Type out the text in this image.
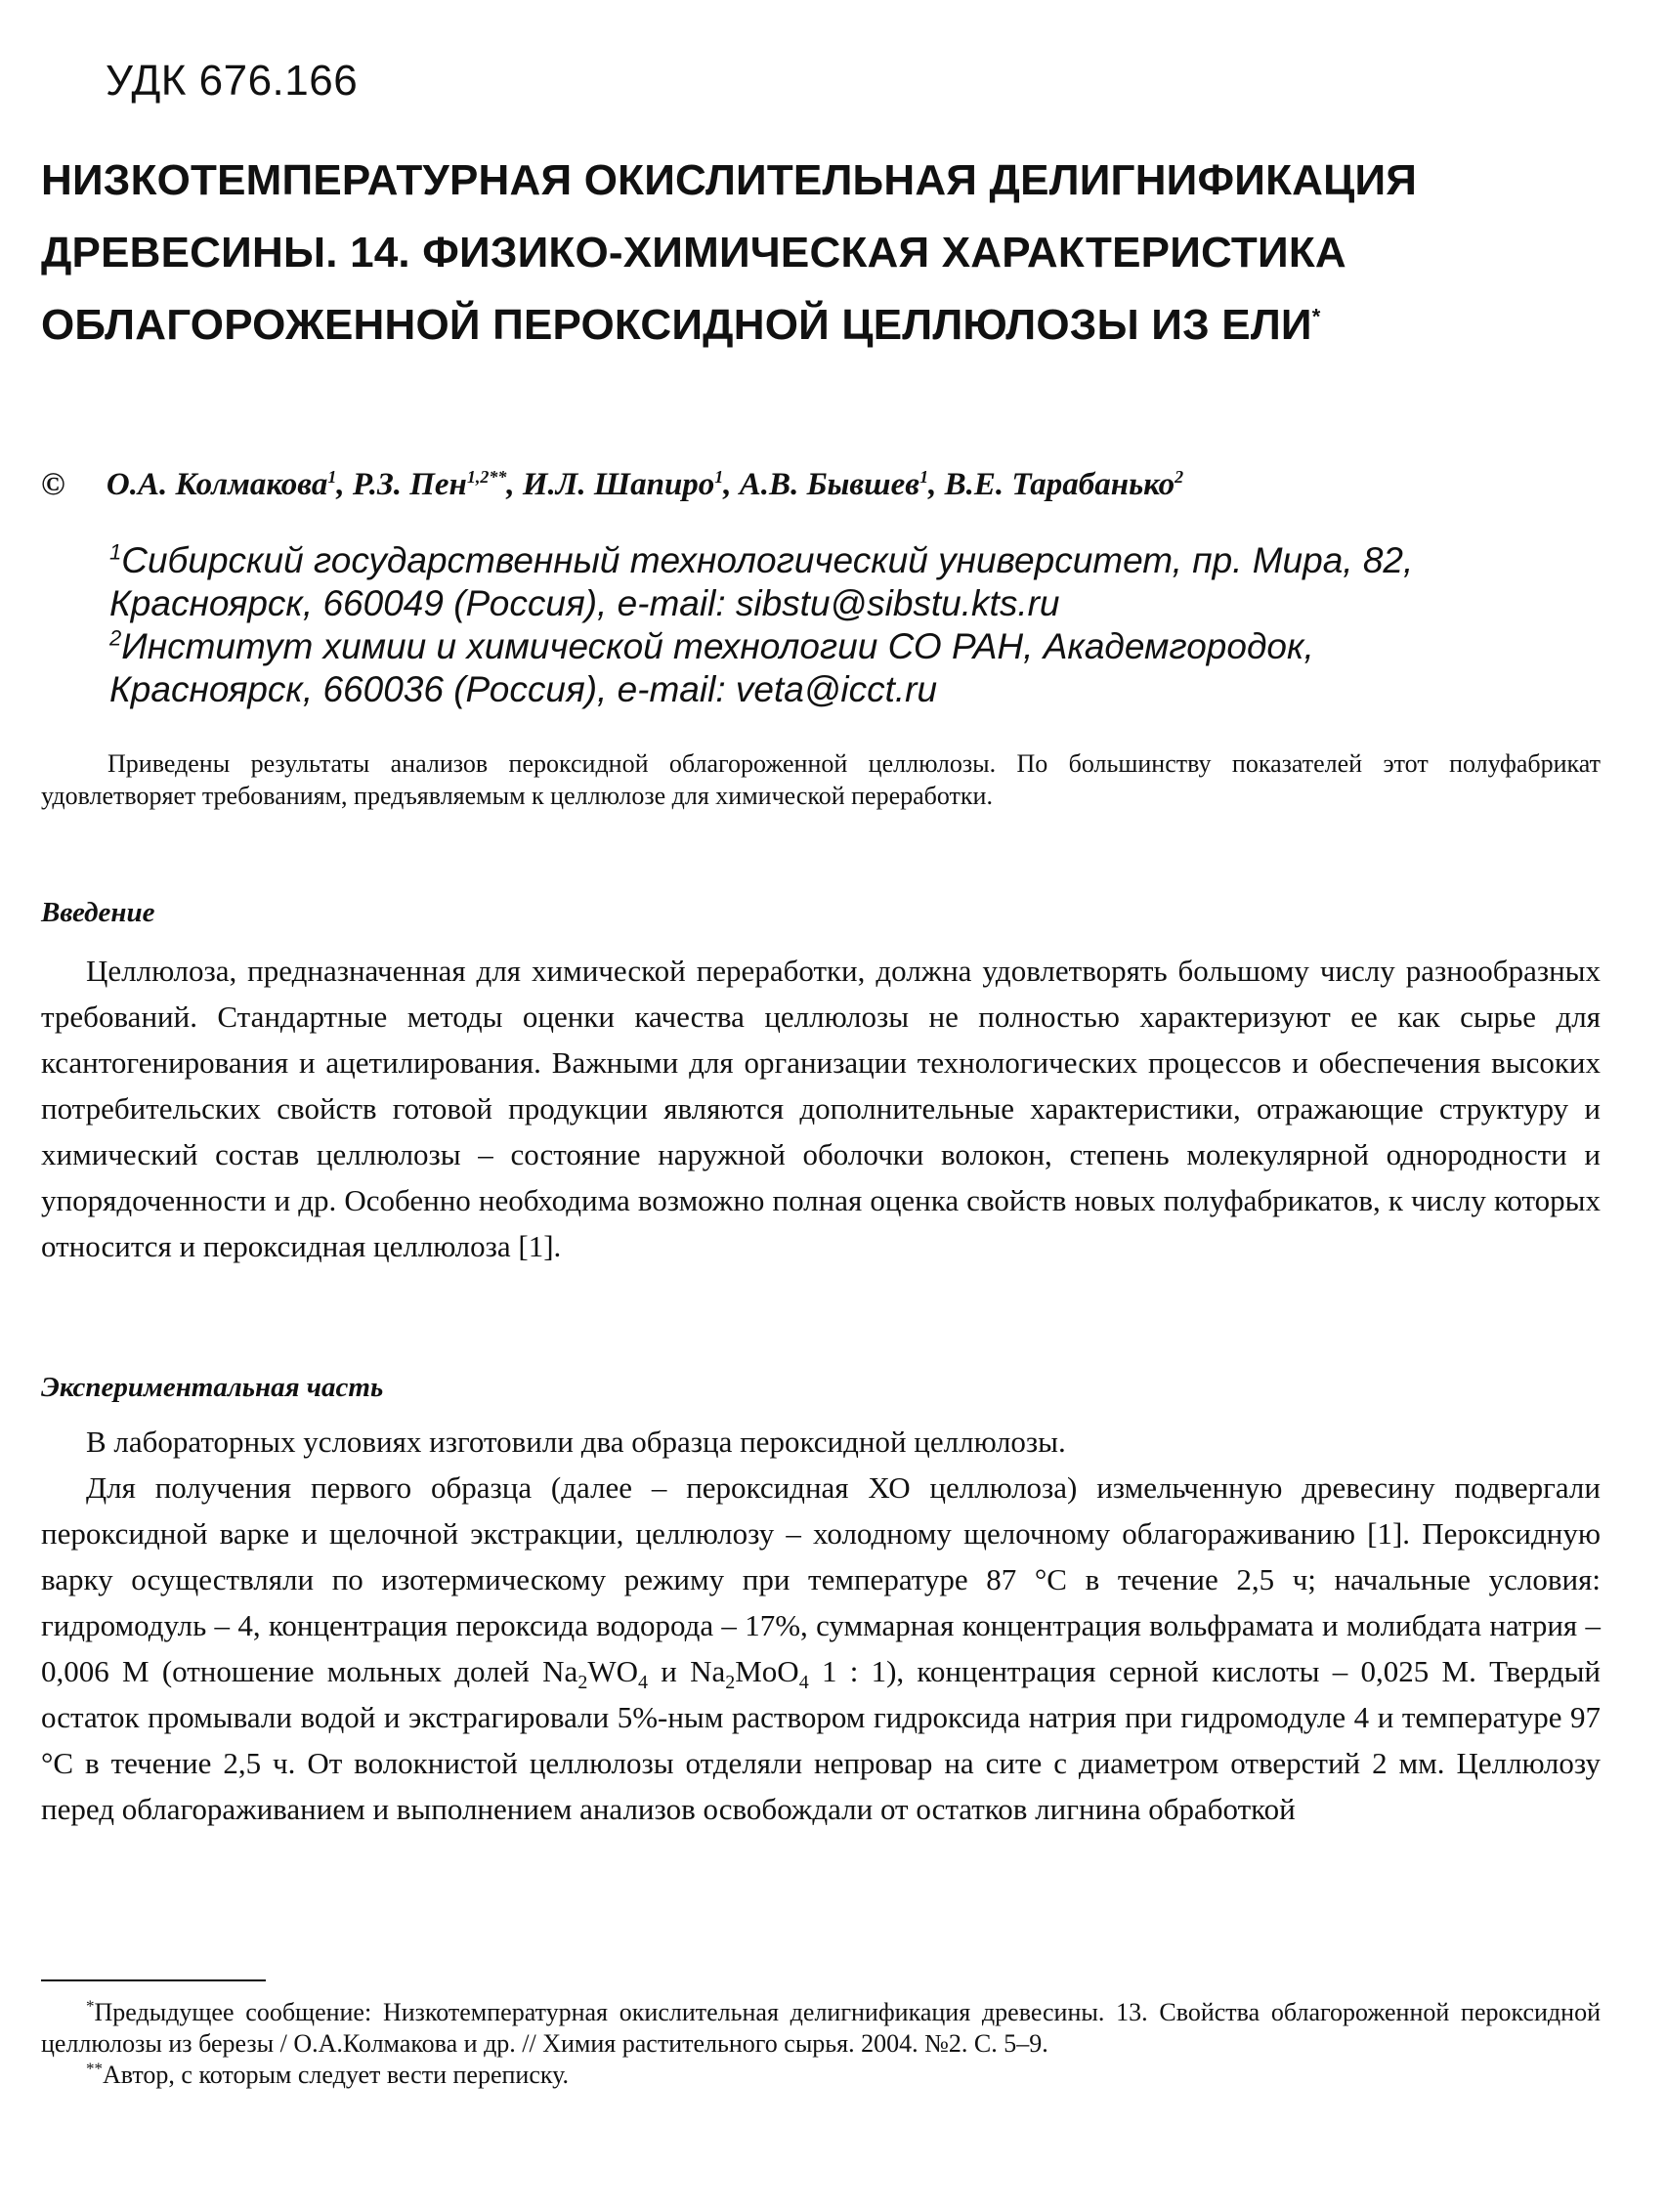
УДК 676.166
НИЗКОТЕМПЕРАТУРНАЯ ОКИСЛИТЕЛЬНАЯ ДЕЛИГНИФИКАЦИЯ
ДРЕВЕСИНЫ. 14. ФИЗИКО-ХИМИЧЕСКАЯ ХАРАКТЕРИСТИКА
ОБЛАГОРОЖЕННОЙ ПЕРОКСИДНОЙ ЦЕЛЛЮЛОЗЫ ИЗ ЕЛИ*
© О.А. Колмакова$^1$, Р.З. Пен$^{1,2**}$, И.Л. Шапиро$^1$, А.В. Бывшев$^1$, В.Е. Тарабанько$^2$
$^1$Сибирский государственный технологический университет, пр. Мира, 82,
Красноярск, 660049 (Россия), e-mail: sibstu@sibstu.kts.ru
$^2$Институт химии и химической технологии СО РАН, Академгородок,
Красноярск, 660036 (Россия), e-mail: veta@icct.ru
Приведены результаты анализов пероксидной облагороженной целлюлозы. По большинству показателей этот полуфабрикат удовлетворяет требованиям, предъявляемым к целлюлозе для химической переработки.
Введение

Целлюлоза, предназначенная для химической переработки, должна удовлетворять большому числу разнообразных требований. Стандартные методы оценки качества целлюлозы не полностью характеризуют ее как сырье для ксантогенирования и ацетилирования. Важными для организации технологических процессов и обеспечения высоких потребительских свойств готовой продукции являются дополнительные характеристики, отражающие структуру и химический состав целлюлозы – состояние наружной оболочки волокон, степень молекулярной однородности и упорядоченности и др. Особенно необходима возможно полная оценка свойств новых полуфабрикатов, к числу которых относится и пероксидная целлюлоза [1].

Экспериментальная часть

В лабораторных условиях изготовили два образца пероксидной целлюлозы.

Для получения первого образца (далее – пероксидная ХО целлюлоза) измельченную древесину подвергали пероксидной варке и щелочной экстракции, целлюлозу – холодному щелочному облагораживанию [1]. Пероксидную варку осуществляли по изотермическому режиму при температуре 87 °С в течение 2,5 ч; начальные условия: гидромодуль – 4, концентрация пероксида водорода – 17%, суммарная концентрация вольфрамата и молибдата натрия – 0,006 М (отношение мольных долей $Na_2WO_4$ и $Na_2MoO_4$ 1 : 1), концентрация серной кислоты – 0,025 М. Твердый остаток промывали водой и экстрагировали 5%-ным раствором гидроксида натрия при гидромодуле 4 и температуре 97 °С в течение 2,5 ч. От волокнистой целлюлозы отделяли непровар на сите с диаметром отверстий 2 мм. Целлюлозу перед облагораживанием и выполнением анализов освобождали от остатков лигнина обработкой

*Предыдущее сообщение: Низкотемпературная окислительная делигнификация древесины. 13. Свойства облагороженной пероксидной целлюлозы из березы / О.А.Колмакова и др. // Химия растительного сырья. 2004. №2. С. 5–9.

**Автор, с которым следует вести переписку.
